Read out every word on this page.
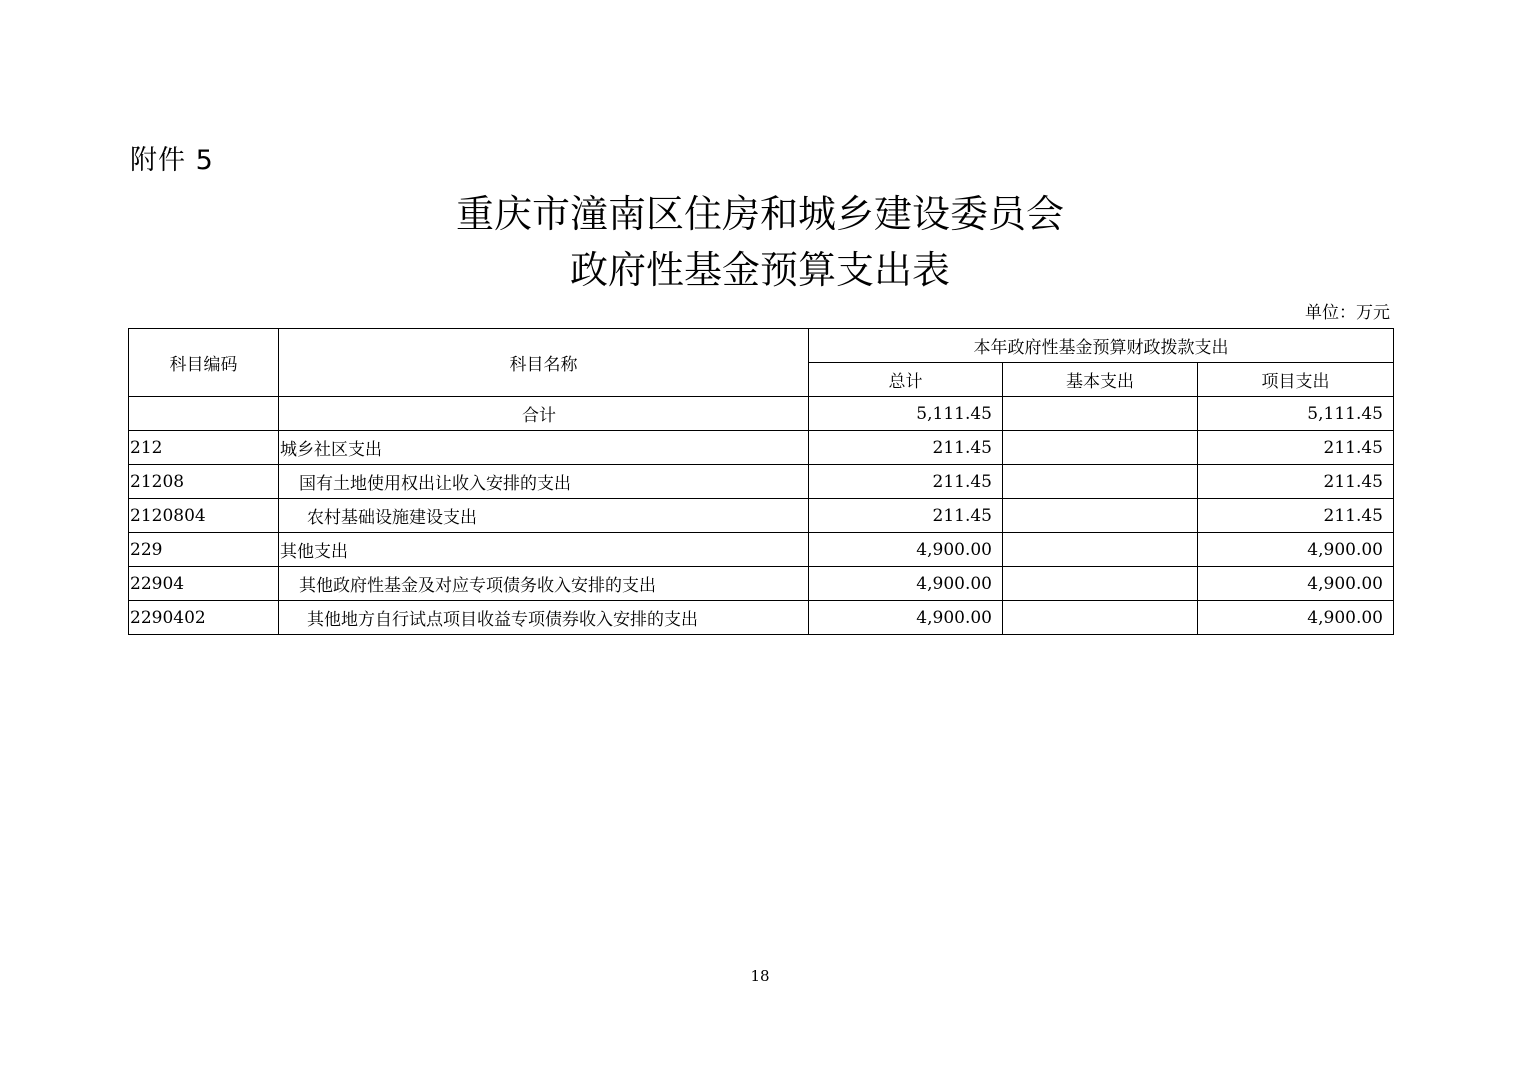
附件 5
重庆市潼南区住房和城乡建设委员会
政府性基金预算支出表
单位：万元
科目编码	科目名称	本年政府性基金预算财政拨款支出		
		总计	基本支出	项目支出
	合计	5,111.45		5,111.45
212	城乡社区支出	211.45		211.45
21208	国有土地使用权出让收入安排的支出	211.45		211.45
2120804	农村基础设施建设支出	211.45		211.45
229	其他支出	4,900.00		4,900.00
22904	其他政府性基金及对应专项债务收入安排的支出	4,900.00		4,900.00
2290402	其他地方自行试点项目收益专项债券收入安排的支出	4,900.00		4,900.00
18
